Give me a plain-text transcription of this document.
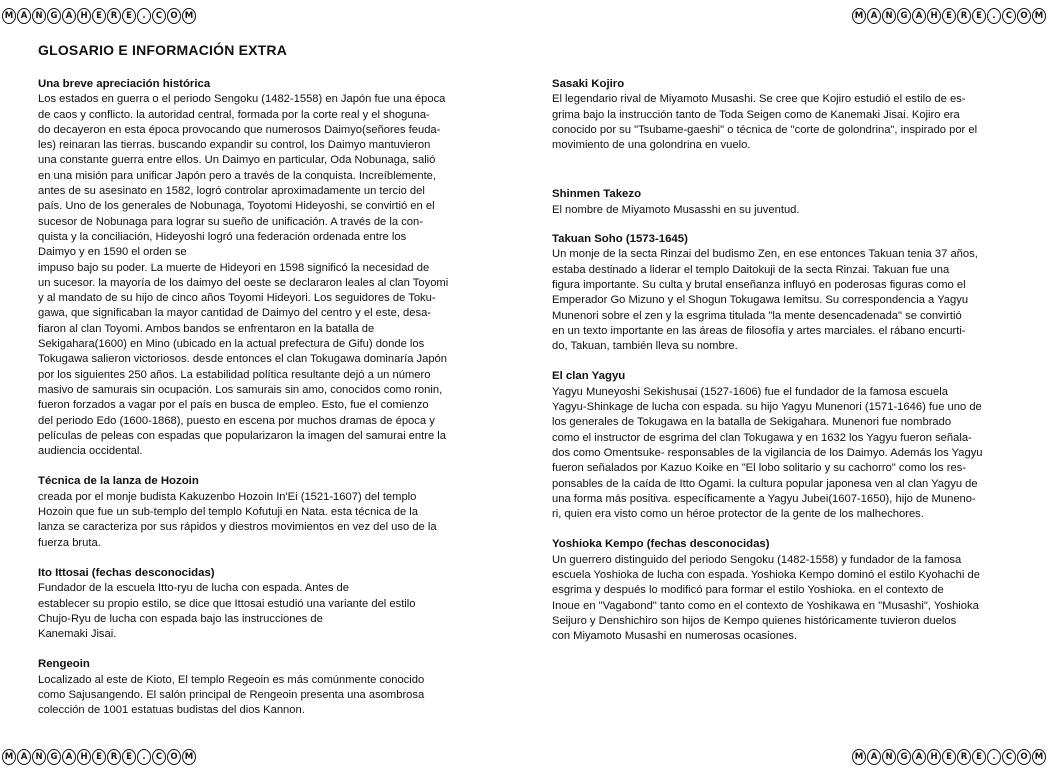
M A N G A H	E	R	E	.	C O M	M A N G A H	E	R	E	.	C O M
M A N G A H	E	R	E	.	C O M	M A N G A H	E	R	E	.	C O M
GLOSARIO E INFORMACIÓN EXTRA
Una breve apreciación histórica

Los estados en guerra o el periodo Sengoku (1482-1558) en Japón fue una época
de caos y conflicto. la autoridad central, formada por la corte real y el shoguna-
do decayeron en esta época provocando que numerosos Daimyo(señores feuda-
les) reinaran las tierras. buscando expandir su control, los Daimyo mantuvieron
una constante guerra entre ellos. Un Daimyo en particular, Oda Nobunaga, salió
en una misión para unificar Japón pero a través de la conquista. Increíblemente,
antes de su asesinato en 1582, logró controlar aproximadamente un tercio del
país. Uno de los generales de Nobunaga, Toyotomi Hideyoshi, se convirtió en el
sucesor de Nobunaga para lograr su sueño de unificación. A través de la con-
quista y la conciliación, Hideyoshi logró una federación ordenada entre los
Daimyo y en 1590 el orden se
impuso bajo su poder. La muerte de Hideyori en 1598 significó la necesidad de
un sucesor. la mayoría de los daimyo del oeste se declararon leales al clan Toyomi
y al mandato de su hijo de cinco años Toyomi Hideyori. Los seguidores de Toku-
gawa, que significaban la mayor cantidad de Daimyo del centro y el este, desa-
fiaron al clan Toyomi. Ambos bandos se enfrentaron en la batalla de
Sekigahara(1600) en Mino (ubicado en la actual prefectura de Gifu) donde los
Tokugawa salieron victoriosos. desde entonces el clan Tokugawa dominaría Japón
por los siguientes 250 años. La estabilidad política resultante dejó a un número
masivo de samurais sin ocupación. Los samurais sin amo, conocidos como ronin,
fueron forzados a vagar por el país en busca de empleo. Esto, fue el comienzo
del periodo Edo (1600-1868), puesto en escena por muchos dramas de época y
películas de peleas con espadas que popularizaron la imagen del samurai entre la
audiencia occidental.

Técnica de la lanza de Hozoin

creada por el monje budista Kakuzenbo Hozoin In'Ei (1521-1607) del templo
Hozoin que fue un sub-templo del templo Kofutuji en Nata. esta técnica de la
lanza se caracteriza por sus rápidos y diestros movimientos en vez del uso de la
fuerza bruta.

Ito Ittosai (fechas desconocidas)

Fundador de la escuela Itto-ryu de lucha con espada. Antes de
establecer su propio estilo, se dice que Ittosai estudió una variante del estilo
Chujo-Ryu de lucha con espada bajo las instrucciones de
Kanemaki Jisai.

Rengeoin

Localizado al este de Kioto, El templo Regeoin es más comúnmente conocido
como Sajusangendo. El salón principal de Rengeoin presenta una asombrosa
colección de 1001 estatuas budistas del dios Kannon.

Sasaki Kojiro

El legendario rival de Miyamoto Musashi. Se cree que Kojiro estudió el estilo de es-
grima bajo la instrucción tanto de Toda Seigen como de Kanemaki Jisai. Kojiro era
conocido por su "Tsubame-gaeshi" o técnica de "corte de golondrina", inspirado por el
movimiento de una golondrina en vuelo.

Shinmen Takezo

El nombre de Miyamoto Musasshi en su juventud.

Takuan Soho (1573-1645)

Un monje de la secta Rinzai del budismo Zen, en ese entonces Takuan tenia 37 años,
estaba destinado a liderar el templo Daitokuji de la secta Rinzai. Takuan fue una
figura importante. Su culta y brutal enseñanza influyó en poderosas figuras como el
Emperador Go Mizuno y el Shogun Tokugawa Iemitsu. Su correspondencia a Yagyu
Munenori sobre el zen y la esgrima titulada "la mente desencadenada" se convirtió
en un texto importante en las áreas de filosofía y artes marciales. el rábano encurti-
do, Takuan, también lleva su nombre.

El clan Yagyu

Yagyu Muneyoshi Sekishusai (1527-1606) fue el fundador de la famosa escuela
Yagyu-Shinkage de lucha con espada. su hijo Yagyu Munenori (1571-1646) fue uno de
los generales de Tokugawa en la batalla de Sekigahara. Munenori fue nombrado
como el instructor de esgrima del clan Tokugawa y en 1632 los Yagyu fueron señala-
dos como Omentsuke- responsables de la vigilancia de los Daimyo. Además los Yagyu
fueron señalados por Kazuo Koike en "El lobo solitario y su cachorro" como los res-
ponsables de la caída de Itto Ogami. la cultura popular japonesa ven al clan Yagyu de
una forma más positiva. específicamente a Yagyu Jubei(1607-1650), hijo de Muneno-
ri, quien era visto como un héroe protector de la gente de los malhechores.

Yoshioka Kempo (fechas desconocidas)

Un guerrero distinguido del periodo Sengoku (1482-1558) y fundador de la famosa
escuela Yoshioka de lucha con espada. Yoshioka Kempo dominó el estilo Kyohachi de
esgrima y después lo modificó para formar el estilo Yoshioka. en el contexto de
Inoue en "Vagabond" tanto como en el contexto de Yoshikawa en "Musashi", Yoshioka
Seijuro y Denshichiro son hijos de Kempo quienes históricamente tuvieron duelos
con Miyamoto Musashi en numerosas ocasiones.
